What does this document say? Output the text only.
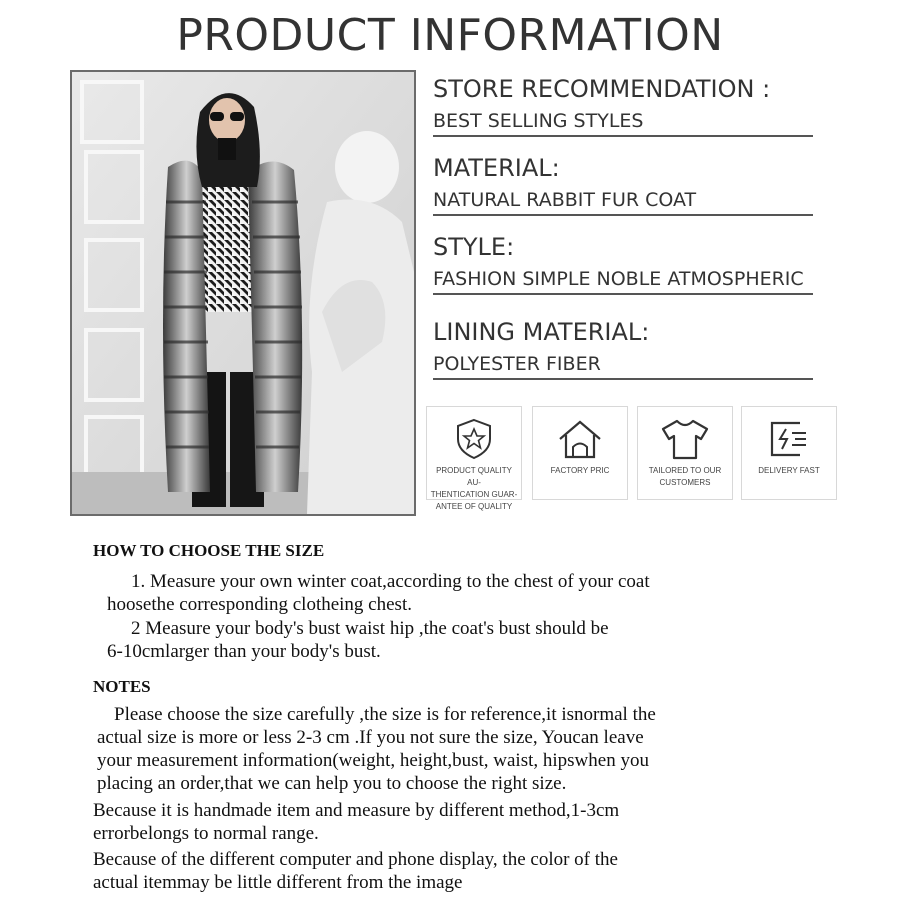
PRODUCT INFORMATION
STORE RECOMMENDATION :
BEST SELLING STYLES
MATERIAL:
NATURAL RABBIT FUR COAT
STYLE:
FASHION SIMPLE NOBLE ATMOSPHERIC
LINING MATERIAL:
POLYESTER FIBER
PRODUCT QUALITY AU-
THENTICATION GUAR-
ANTEE OF QUALITY
FACTORY PRIC	TAILORED TO OUR
CUSTOMERS
DELIVERY FAST
HOW TO CHOOSE THE SIZE
1. Measure your own winter coat,according to the chest of your coat
hoosethe corresponding clotheing chest.
2 Measure your body's bust waist hip ,the coat's bust should be
6-10cmlarger than your body's bust.
NOTES
Please choose the size carefully ,the size is for reference,it isnormal the
actual size is more or less 2-3 cm .If you not sure the size, Youcan leave
your measurement information(weight, height,bust, waist, hipswhen you
placing an order,that we can help you to choose the right size.
Because it is handmade item and measure by different method,1-3cm
errorbelongs to normal range.
Because of the different computer and phone display, the color of the
actual itemmay be little different from the image
